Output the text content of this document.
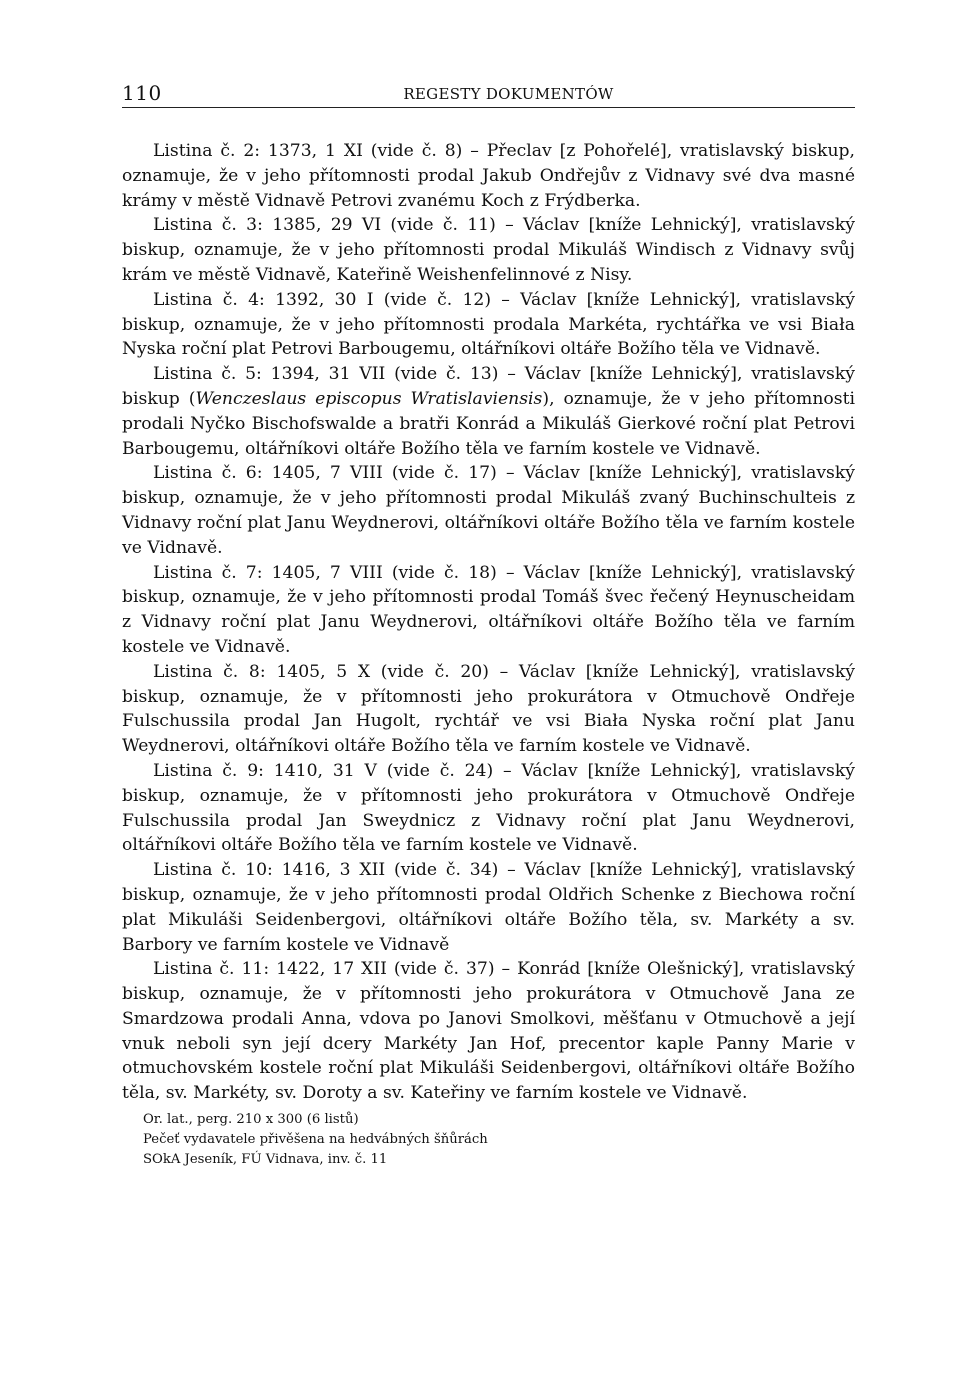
110	REGESTY DOKUMENTÓW

Listina č. 2: 1373, 1 XI (vide č. 8) – Přeclav [z Pohořelé], vratislavský biskup, oznamuje, že v jeho přítomnosti prodal Jakub Ondřejův z Vidnavy své dva masné krámy v městě Vidnavě Petrovi zvanému Koch z Frýdberka.

Listina č. 3: 1385, 29 VI (vide č. 11) – Václav [kníže Lehnický], vratislavský biskup, oznamuje, že v jeho přítomnosti prodal Mikuláš Windisch z Vidnavy svůj krám ve městě Vidnavě, Kateřině Weishenfelinnové z Nisy.

Listina č. 4: 1392, 30 I (vide č. 12) – Václav [kníže Lehnický], vratislavský biskup, oznamuje, že v jeho přítomnosti prodala Markéta, rychtářka ve vsi Biała Nyska roční plat Petrovi Barbougemu, oltářníkovi oltáře Božího těla ve Vidnavě.

Listina č. 5: 1394, 31 VII (vide č. 13) – Václav [kníže Lehnický], vratislavský biskup (Wenczeslaus episcopus Wratislaviensis), oznamuje, že v jeho přítomnosti prodali Nyčko Bischofswalde a bratři Konrád a Mikuláš Gierkové roční plat Petrovi Barbougemu, oltářníkovi oltáře Božího těla ve farním kostele ve Vidnavě.

Listina č. 6: 1405, 7 VIII (vide č. 17) – Václav [kníže Lehnický], vratislavský biskup, oznamuje, že v jeho přítomnosti prodal Mikuláš zvaný Buchinschulteis z Vidnavy roční plat Janu Weydnerovi, oltářníkovi oltáře Božího těla ve farním kostele ve Vidnavě.

Listina č. 7: 1405, 7 VIII (vide č. 18) – Václav [kníže Lehnický], vratislavský biskup, oznamuje, že v jeho přítomnosti prodal Tomáš švec řečený Heynuscheidam z Vidnavy roční plat Janu Weydnerovi, oltářníkovi oltáře Božího těla ve farním kostele ve Vidnavě.

Listina č. 8: 1405, 5 X (vide č. 20) – Václav [kníže Lehnický], vratislavský biskup, oznamuje, že v přítomnosti jeho prokurátora v Otmuchově Ondřeje Fulschussila prodal Jan Hugolt, rychtář ve vsi Biała Nyska roční plat Janu Weydnerovi, oltářníkovi oltáře Božího těla ve farním kostele ve Vidnavě.

Listina č. 9: 1410, 31 V (vide č. 24) – Václav [kníže Lehnický], vratislavský biskup, oznamuje, že v přítomnosti jeho prokurátora v Otmuchově Ondřeje Fulschussila prodal Jan Sweydnicz z Vidnavy roční plat Janu Weydnerovi, oltářníkovi oltáře Božího těla ve farním kostele ve Vidnavě.

Listina č. 10: 1416, 3 XII (vide č. 34) – Václav [kníže Lehnický], vratislavský biskup, oznamuje, že v jeho přítomnosti prodal Oldřich Schenke z Biechowa roční plat Mikuláši Seidenbergovi, oltářníkovi oltáře Božího těla, sv. Markéty a sv. Barbory ve farním kostele ve Vidnavě

Listina č. 11: 1422, 17 XII (vide č. 37) – Konrád [kníže Olešnický], vratislavský biskup, oznamuje, že v přítomnosti jeho prokurátora v Otmuchově Jana ze Smardzowa prodali Anna, vdova po Janovi Smolkovi, měšťanu v Otmuchově a její vnuk neboli syn její dcery Markéty Jan Hof, precentor kaple Panny Marie v otmuchovském kostele roční plat Mikuláši Seidenbergovi, oltářníkovi oltáře Božího těla, sv. Markéty, sv. Doroty a sv. Kateřiny ve farním kostele ve Vidnavě.

Or. lat., perg. 210 x 300 (6 listů)
Pečeť vydavatele přivěšena na hedvábných šňůrách
SOkA Jeseník, FÚ Vidnava, inv. č. 11
